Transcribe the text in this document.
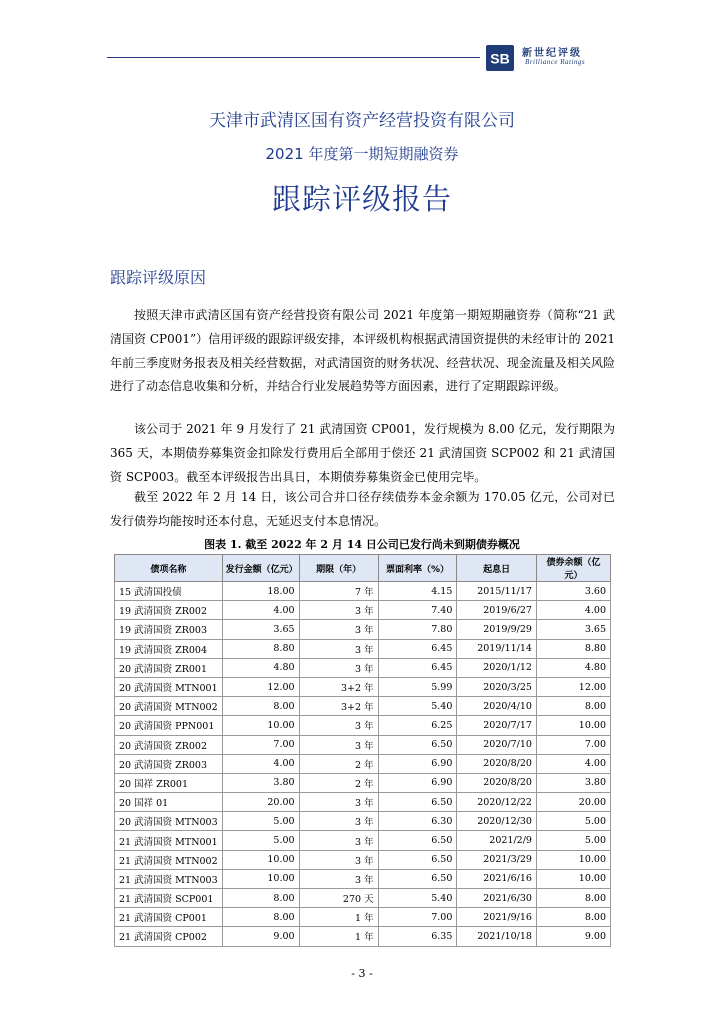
SB 新世纪评级
Brilliance Ratings
天津市武清区国有资产经营投资有限公司
2021 年度第一期短期融资券
跟踪评级报告
跟踪评级原因

按照天津市武清区国有资产经营投资有限公司 2021 年度第一期短期融资券（简称“21 武清国资 CP001”）信用评级的跟踪评级安排，本评级机构根据武清国资提供的未经审计的 2021 年前三季度财务报表及相关经营数据，对武清国资的财务状况、经营状况、现金流量及相关风险进行了动态信息收集和分析，并结合行业发展趋势等方面因素，进行了定期跟踪评级。

该公司于 2021 年 9 月发行了 21 武清国资 CP001，发行规模为 8.00 亿元，发行期限为 365 天，本期债券募集资金扣除发行费用后全部用于偿还 21 武清国资 SCP002 和 21 武清国资 SCP003。截至本评级报告出具日，本期债券募集资金已使用完毕。

截至 2022 年 2 月 14 日，该公司合并口径存续债券本金余额为 170.05 亿元，公司对已发行债券均能按时还本付息，无延迟支付本息情况。

图表 1. 截至 2022 年 2 月 14 日公司已发行尚未到期债券概况
债项名称	发行金额（亿元）	期限（年）	票面利率（%）	起息日	债券余额（亿元）
15 武清国投债	18.00	7 年	4.15	2015/11/17	3.60
19 武清国资 ZR002	4.00	3 年	7.40	2019/6/27	4.00
19 武清国资 ZR003	3.65	3 年	7.80	2019/9/29	3.65
19 武清国资 ZR004	8.80	3 年	6.45	2019/11/14	8.80
20 武清国资 ZR001	4.80	3 年	6.45	2020/1/12	4.80
20 武清国资 MTN001	12.00	3+2 年	5.99	2020/3/25	12.00
20 武清国资 MTN002	8.00	3+2 年	5.40	2020/4/10	8.00
20 武清国资 PPN001	10.00	3 年	6.25	2020/7/17	10.00
20 武清国资 ZR002	7.00	3 年	6.50	2020/7/10	7.00
20 武清国资 ZR003	4.00	2 年	6.90	2020/8/20	4.00
20 国祥 ZR001	3.80	2 年	6.90	2020/8/20	3.80
20 国祥 01	20.00	3 年	6.50	2020/12/22	20.00
20 武清国资 MTN003	5.00	3 年	6.30	2020/12/30	5.00
21 武清国资 MTN001	5.00	3 年	6.50	2021/2/9	5.00
21 武清国资 MTN002	10.00	3 年	6.50	2021/3/29	10.00
21 武清国资 MTN003	10.00	3 年	6.50	2021/6/16	10.00
21 武清国资 SCP001	8.00	270 天	5.40	2021/6/30	8.00
21 武清国资 CP001	8.00	1 年	7.00	2021/9/16	8.00
21 武清国资 CP002	9.00	1 年	6.35	2021/10/18	9.00
- 3 -
